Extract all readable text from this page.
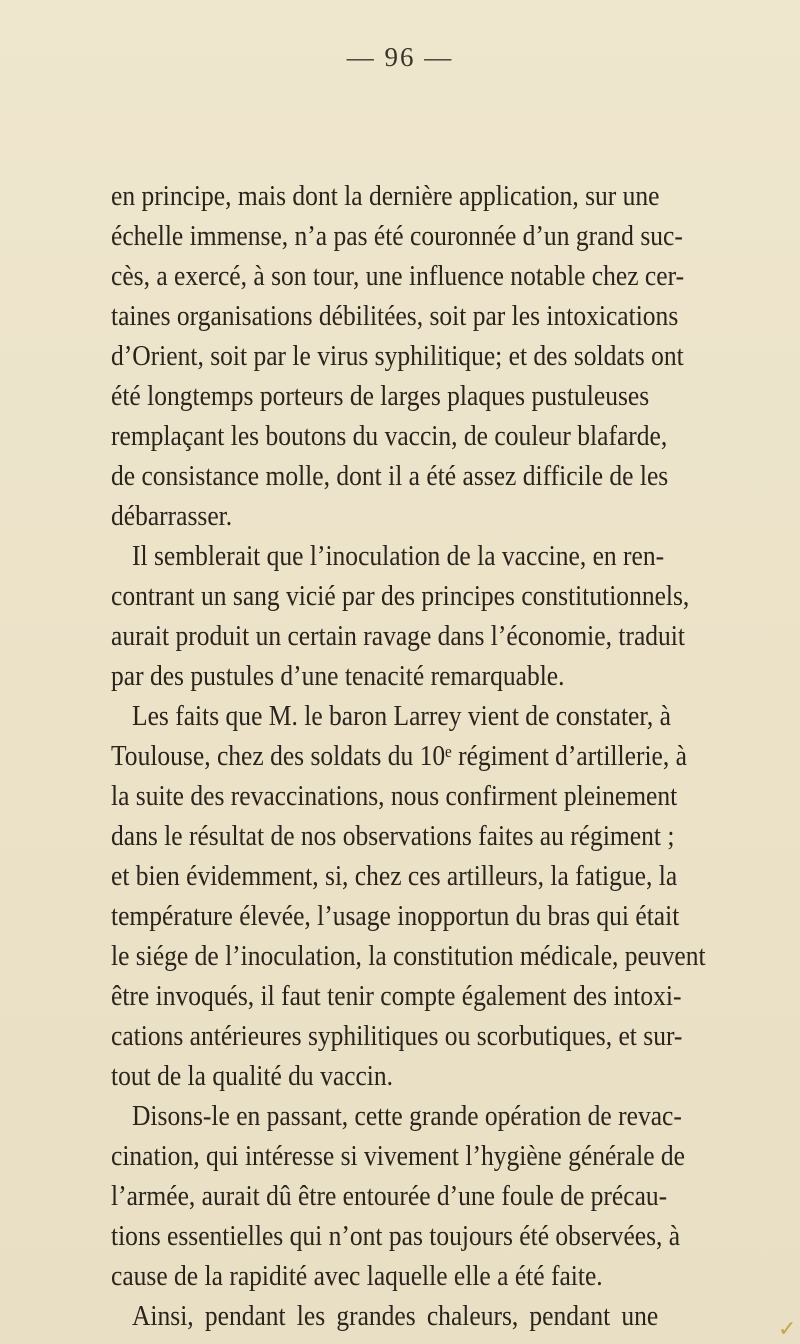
— 96 —
en principe, mais dont la dernière application, sur une
échelle immense, n’a pas été couronnée d’un grand suc-
cès, a exercé, à son tour, une influence notable chez cer-
taines organisations débilitées, soit par les intoxications
d’Orient, soit par le virus syphilitique; et des soldats ont
été longtemps porteurs de larges plaques pustuleuses
remplaçant les boutons du vaccin, de couleur blafarde,
de consistance molle, dont il a été assez difficile de les
débarrasser.
Il semblerait que l’inoculation de la vaccine, en ren-
contrant un sang vicié par des principes constitutionnels,
aurait produit un certain ravage dans l’économie, traduit
par des pustules d’une tenacité remarquable.
Les faits que M. le baron Larrey vient de constater, à
Toulouse, chez des soldats du 10ᵉ régiment d’artillerie, à
la suite des revaccinations, nous confirment pleinement
dans le résultat de nos observations faites au régiment ;
et bien évidemment, si, chez ces artilleurs, la fatigue, la
température élevée, l’usage inopportun du bras qui était
le siége de l’inoculation, la constitution médicale, peuvent
être invoqués, il faut tenir compte également des intoxi-
cations antérieures syphilitiques ou scorbutiques, et sur-
tout de la qualité du vaccin.
Disons-le en passant, cette grande opération de revac-
cination, qui intéresse si vivement l’hygiène générale de
l’armée, aurait dû être entourée d’une foule de précau-
tions essentielles qui n’ont pas toujours été observées, à
cause de la rapidité avec laquelle elle a été faite.
Ainsi, pendant les grandes chaleurs, pendant une	✓
